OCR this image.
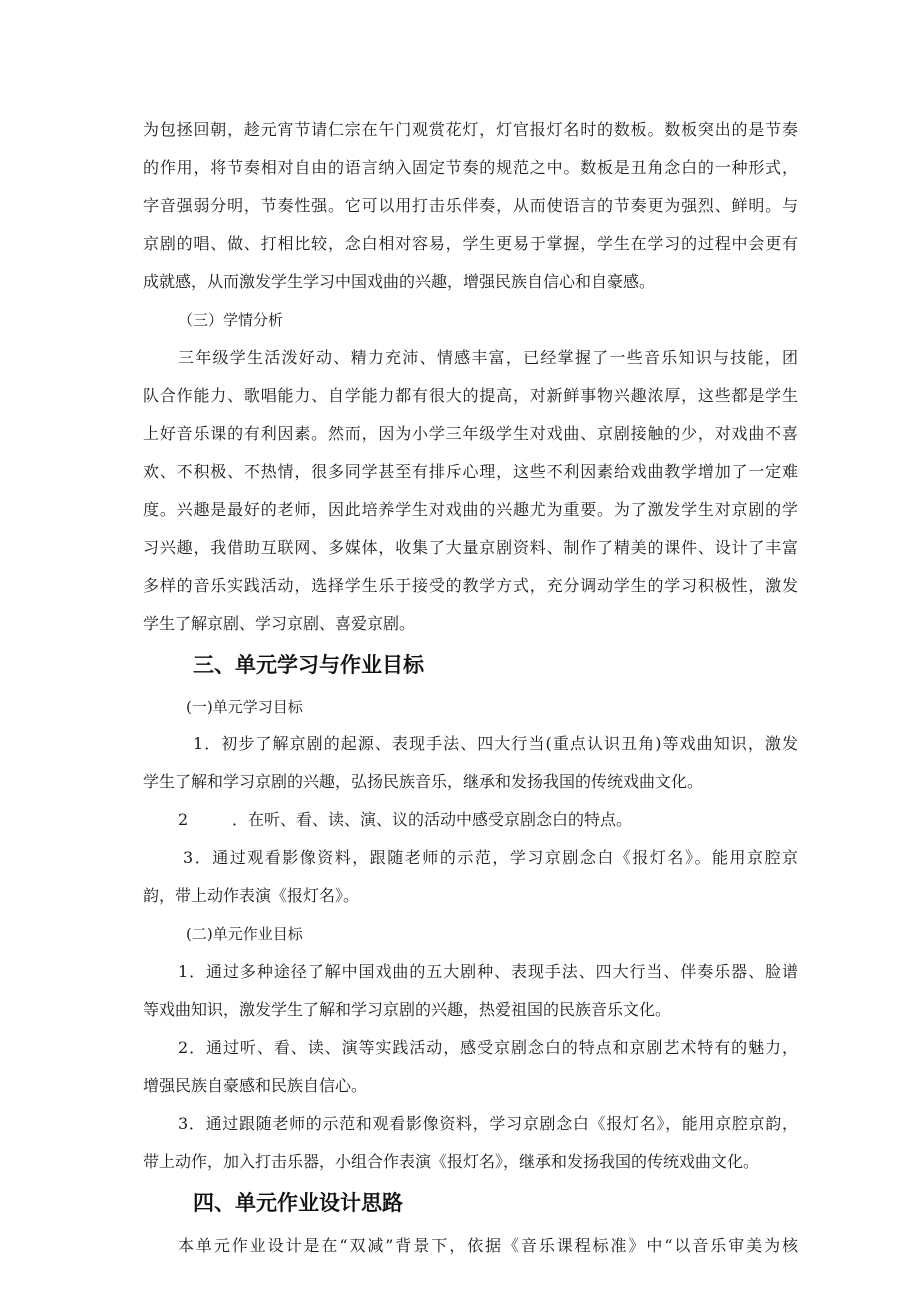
为包拯回朝，趁元宵节请仁宗在午门观赏花灯，灯官报灯名时的数板。数板突出的是节奏
的作用，将节奏相对自由的语言纳入固定节奏的规范之中。数板是丑角念白的一种形式，
字音强弱分明，节奏性强。它可以用打击乐伴奏，从而使语言的节奏更为强烈、鲜明。与
京剧的唱、做、打相比较，念白相对容易，学生更易于掌握，学生在学习的过程中会更有
成就感，从而激发学生学习中国戏曲的兴趣，增强民族自信心和自豪感。
（三）学情分析
三年级学生活泼好动、精力充沛、情感丰富，已经掌握了一些音乐知识与技能，团
队合作能力、歌唱能力、自学能力都有很大的提高，对新鲜事物兴趣浓厚，这些都是学生
上好音乐课的有利因素。然而，因为小学三年级学生对戏曲、京剧接触的少，对戏曲不喜
欢、不积极、不热情，很多同学甚至有排斥心理，这些不利因素给戏曲教学增加了一定难
度。兴趣是最好的老师，因此培养学生对戏曲的兴趣尤为重要。为了激发学生对京剧的学
习兴趣，我借助互联网、多媒体，收集了大量京剧资料、制作了精美的课件、设计了丰富
多样的音乐实践活动，选择学生乐于接受的教学方式，充分调动学生的学习积极性，激发
学生了解京剧、学习京剧、喜爱京剧。
三、单元学习与作业目标
(一)单元学习目标
1．初步了解京剧的起源、表现手法、四大行当(重点认识丑角)等戏曲知识，激发
学生了解和学习京剧的兴趣，弘扬民族音乐，继承和发扬我国的传统戏曲文化。
2	．在听、看、读、演、议的活动中感受京剧念白的特点。
3．通过观看影像资料，跟随老师的示范，学习京剧念白《报灯名》。能用京腔京
韵，带上动作表演《报灯名》。
(二)单元作业目标
1．通过多种途径了解中国戏曲的五大剧种、表现手法、四大行当、伴奏乐器、脸谱
等戏曲知识，激发学生了解和学习京剧的兴趣，热爱祖国的民族音乐文化。
2．通过听、看、读、演等实践活动，感受京剧念白的特点和京剧艺术特有的魅力，
增强民族自豪感和民族自信心。
3．通过跟随老师的示范和观看影像资料，学习京剧念白《报灯名》，能用京腔京韵，
带上动作，加入打击乐器，小组合作表演《报灯名》，继承和发扬我国的传统戏曲文化。
四、单元作业设计思路
本单元作业设计是在“双减”背景下，依据《音乐课程标准》中“以音乐审美为核
